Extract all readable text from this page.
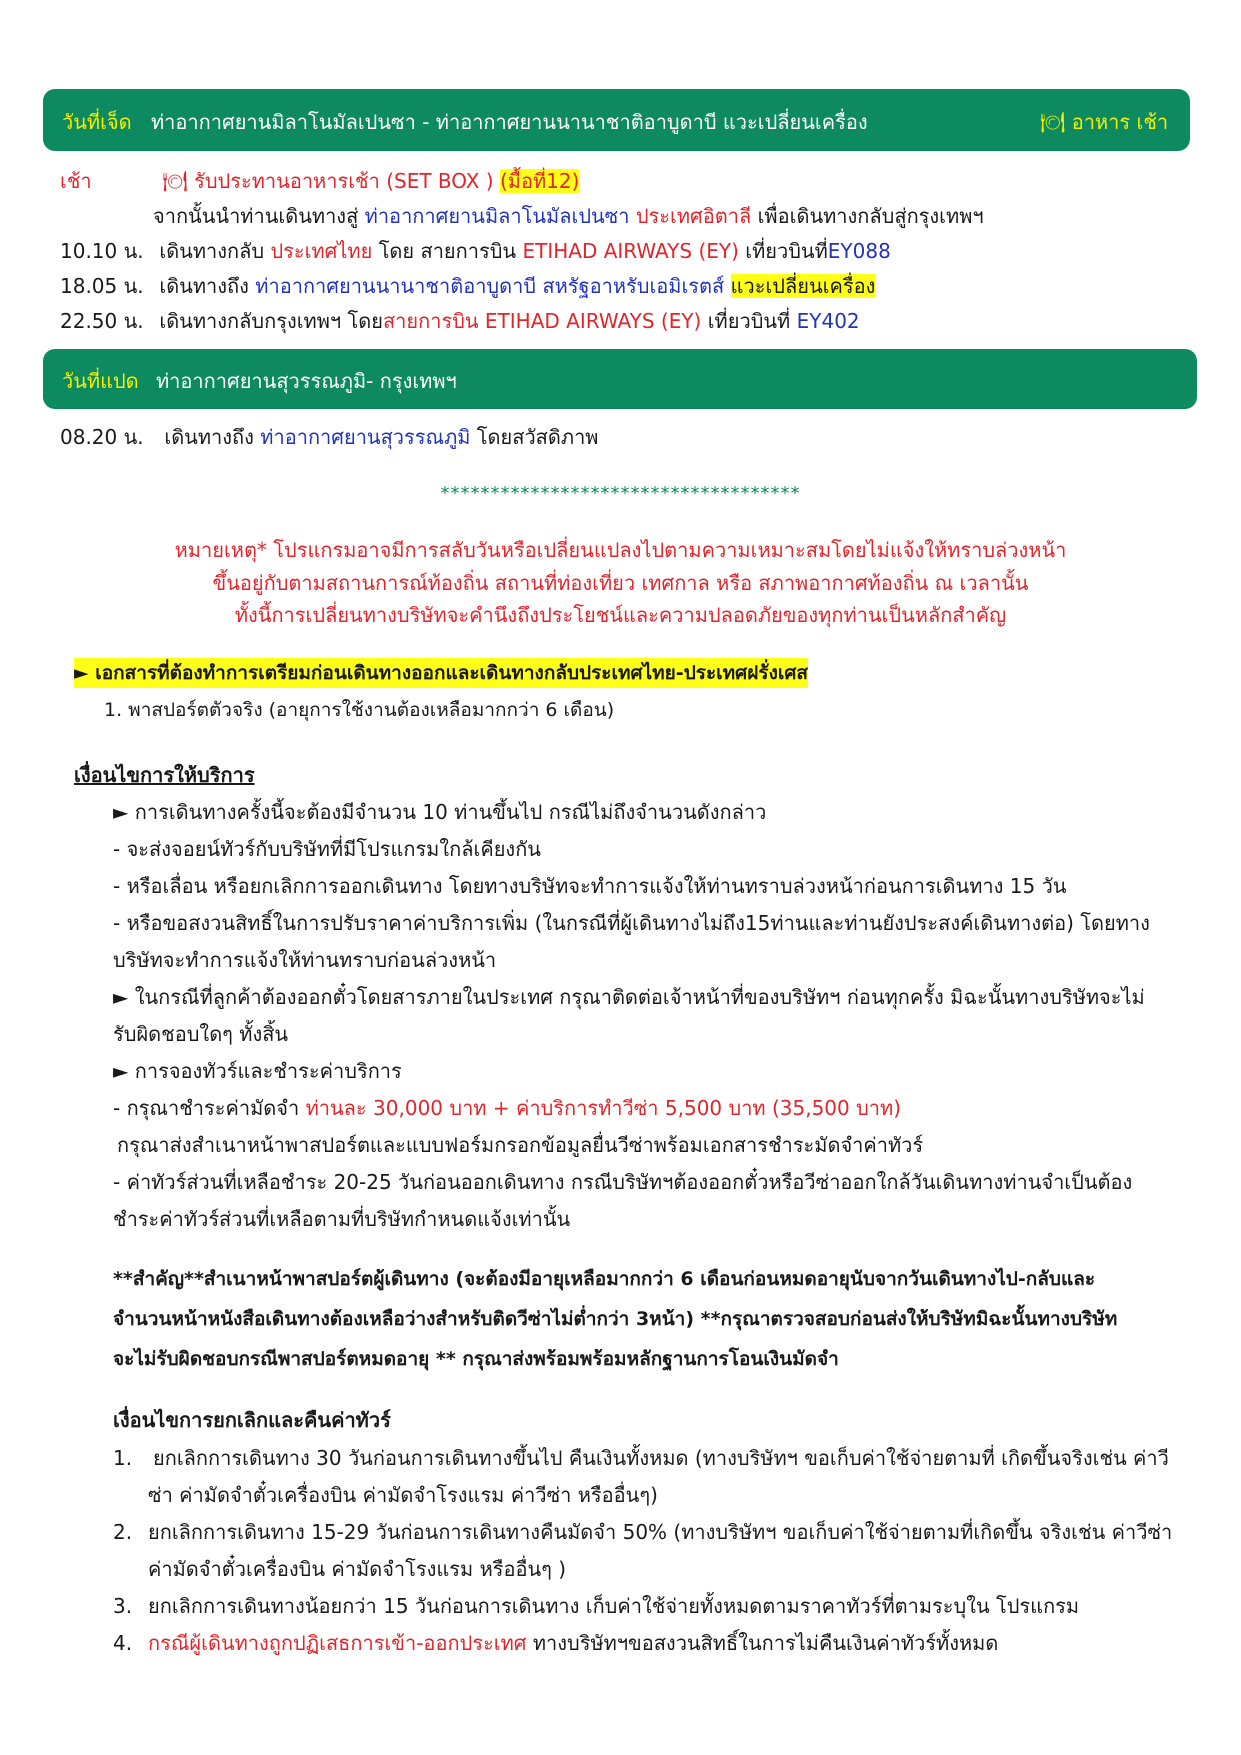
วันที่เจ็ด ท่าอากาศยานมิลาโนมัลเปนซา - ท่าอากาศยานนานาชาติอาบูดาบี แวะเปลี่ยนเครื่อง	🍽 อาหาร เช้า
เช้า	🍽 รับประทานอาหารเช้า (SET BOX ) (มื้อที่12)
จากนั้นนำท่านเดินทางสู่ ท่าอากาศยานมิลาโนมัลเปนซา ประเทศอิตาลี เพื่อเดินทางกลับสู่กรุงเทพฯ
10.10 น. เดินทางกลับ ประเทศไทย โดย สายการบิน ETIHAD AIRWAYS (EY) เที่ยวบินที่EY088
18.05 น. เดินทางถึง ท่าอากาศยานนานาชาติอาบูดาบี สหรัฐอาหรับเอมิเรตส์ แวะเปลี่ยนเครื่อง
22.50 น. เดินทางกลับกรุงเทพฯ โดยสายการบิน ETIHAD AIRWAYS (EY) เที่ยวบินที่ EY402
วันที่แปด ท่าอากาศยานสุวรรณภูมิ- กรุงเทพฯ
08.20 น. เดินทางถึง ท่าอากาศยานสุวรรณภูมิ โดยสวัสดิภาพ
************************************
หมายเหตุ* โปรแกรมอาจมีการสลับวันหรือเปลี่ยนแปลงไปตามความเหมาะสมโดยไม่แจ้งให้ทราบล่วงหน้า
ขึ้นอยู่กับตามสถานการณ์ท้องถิ่น สถานที่ท่องเที่ยว เทศกาล หรือ สภาพอากาศท้องถิ่น ณ เวลานั้น
ทั้งนี้การเปลี่ยนทางบริษัทจะคำนึงถึงประโยชน์และความปลอดภัยของทุกท่านเป็นหลักสำคัญ
► เอกสารที่ต้องทำการเตรียมก่อนเดินทางออกและเดินทางกลับประเทศไทย-ประเทศฝรั่งเศส
1. พาสปอร์ตตัวจริง (อายุการใช้งานต้องเหลือมากกว่า 6 เดือน)
เงื่อนไขการให้บริการ
► การเดินทางครั้งนี้จะต้องมีจำนวน 10 ท่านขึ้นไป กรณีไม่ถึงจำนวนดังกล่าว
- จะส่งจอยน์ทัวร์กับบริษัทที่มีโปรแกรมใกล้เคียงกัน
- หรือเลื่อน หรือยกเลิกการออกเดินทาง โดยทางบริษัทจะทำการแจ้งให้ท่านทราบล่วงหน้าก่อนการเดินทาง 15 วัน
- หรือขอสงวนสิทธิ์ในการปรับราคาค่าบริการเพิ่ม (ในกรณีที่ผู้เดินทางไม่ถึง15ท่านและท่านยังประสงค์เดินทางต่อ) โดยทาง
บริษัทจะทำการแจ้งให้ท่านทราบก่อนล่วงหน้า
► ในกรณีที่ลูกค้าต้องออกตั๋วโดยสารภายในประเทศ กรุณาติดต่อเจ้าหน้าที่ของบริษัทฯ ก่อนทุกครั้ง มิฉะนั้นทางบริษัทจะไม่
รับผิดชอบใดๆ ทั้งสิ้น
► การจองทัวร์และชำระค่าบริการ
- กรุณาชำระค่ามัดจำ ท่านละ 30,000 บาท + ค่าบริการทำวีซ่า 5,500 บาท (35,500 บาท)
กรุณาส่งสำเนาหน้าพาสปอร์ตและแบบฟอร์มกรอกข้อมูลยื่นวีซ่าพร้อมเอกสารชำระมัดจำค่าทัวร์
- ค่าทัวร์ส่วนที่เหลือชำระ 20-25 วันก่อนออกเดินทาง กรณีบริษัทฯต้องออกตั๋วหรือวีซ่าออกใกล้วันเดินทางท่านจำเป็นต้อง
ชำระค่าทัวร์ส่วนที่เหลือตามที่บริษัทกำหนดแจ้งเท่านั้น
**สำคัญ**สำเนาหน้าพาสปอร์ตผู้เดินทาง (จะต้องมีอายุเหลือมากกว่า 6 เดือนก่อนหมดอายุนับจากวันเดินทางไป-กลับและ
จำนวนหน้าหนังสือเดินทางต้องเหลือว่างสำหรับติดวีซ่าไม่ต่ำกว่า 3หน้า) **กรุณาตรวจสอบก่อนส่งให้บริษัทมิฉะนั้นทางบริษัท
จะไม่รับผิดชอบกรณีพาสปอร์ตหมดอายุ ** กรุณาส่งพร้อมพร้อมหลักฐานการโอนเงินมัดจำ
เงื่อนไขการยกเลิกและคืนค่าทัวร์
1. ยกเลิกการเดินทาง 30 วันก่อนการเดินทางขึ้นไป คืนเงินทั้งหมด (ทางบริษัทฯ ขอเก็บค่าใช้จ่ายตามที่ เกิดขึ้นจริงเช่น ค่าวี
ซ่า ค่ามัดจำตั๋วเครื่องบิน ค่ามัดจำโรงแรม ค่าวีซ่า หรืออื่นๆ)
2. ยกเลิกการเดินทาง 15-29 วันก่อนการเดินทางคืนมัดจำ 50% (ทางบริษัทฯ ขอเก็บค่าใช้จ่ายตามที่เกิดขึ้น จริงเช่น ค่าวีซ่า
ค่ามัดจำตั๋วเครื่องบิน ค่ามัดจำโรงแรม หรืออื่นๆ )
3. ยกเลิกการเดินทางน้อยกว่า 15 วันก่อนการเดินทาง เก็บค่าใช้จ่ายทั้งหมดตามราคาทัวร์ที่ตามระบุใน โปรแกรม
4. กรณีผู้เดินทางถูกปฏิเสธการเข้า-ออกประเทศ ทางบริษัทฯขอสงวนสิทธิ์ในการไม่คืนเงินค่าทัวร์ทั้งหมด
